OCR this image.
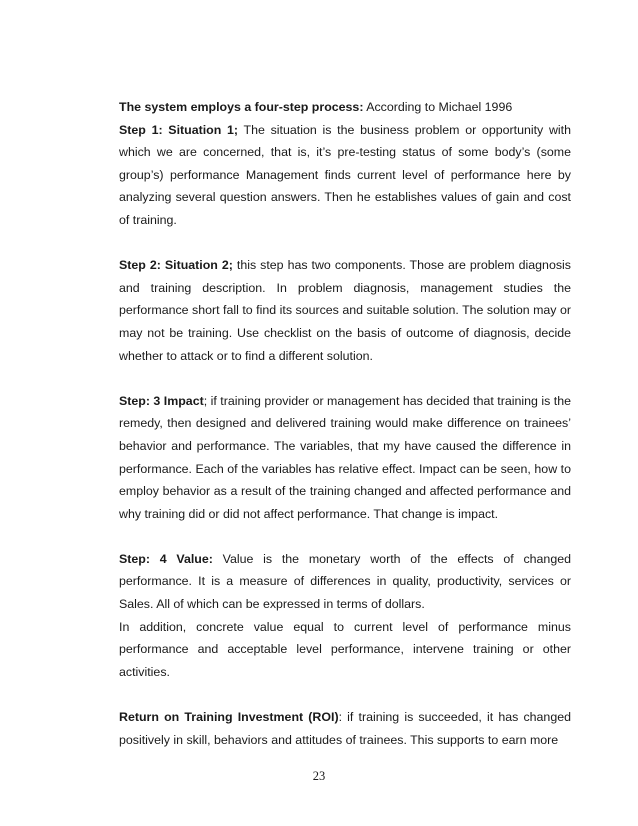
The system employs a four-step process: According to Michael 1996

Step 1: Situation 1; The situation is the business problem or opportunity with which we are concerned, that is, it’s pre-testing status of some body’s (some group’s) performance Management finds current level of performance here by analyzing several question answers. Then he establishes values of gain and cost of training.

Step 2: Situation 2; this step has two components. Those are problem diagnosis and training description. In problem diagnosis, management studies the performance short fall to find its sources and suitable solution. The solution may or may not be training. Use checklist on the basis of outcome of diagnosis, decide whether to attack or to find a different solution.

Step: 3 Impact; if training provider or management has decided that training is the remedy, then designed and delivered training would make difference on trainees’ behavior and performance. The variables, that my have caused the difference in performance. Each of the variables has relative effect. Impact can be seen, how to employ behavior as a result of the training changed and affected performance and why training did or did not affect performance. That change is impact.

Step: 4 Value: Value is the monetary worth of the effects of changed performance. It is a measure of differences in quality, productivity, services or Sales. All of which can be expressed in terms of dollars.

In addition, concrete value equal to current level of performance minus performance and acceptable level performance, intervene training or other activities.

Return on Training Investment (ROI): if training is succeeded, it has changed positively in skill, behaviors and attitudes of trainees. This supports to earn more

23
